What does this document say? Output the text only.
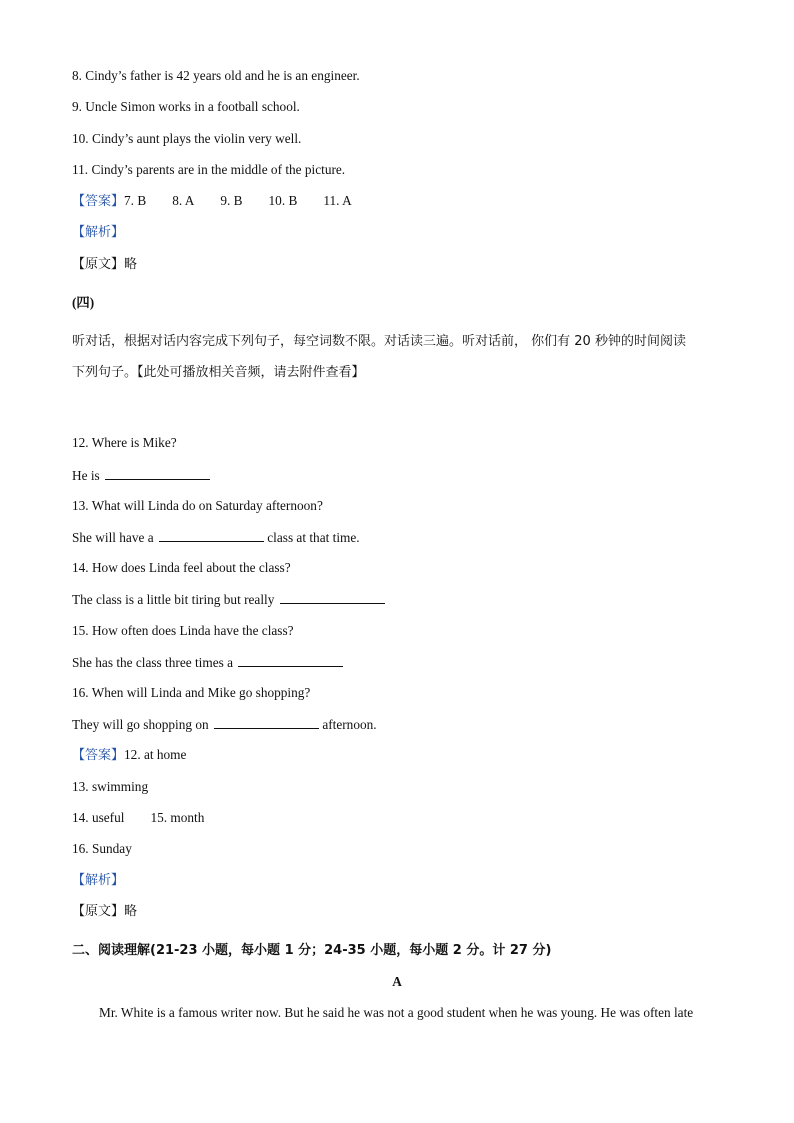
8. Cindy’s father is 42 years old and he is an engineer.
9. Uncle Simon works in a football school.
10. Cindy’s aunt plays the violin very well.
11. Cindy’s parents are in the middle of the picture.
【答案】7. B 8. A 9. B 10. B 11. A
【解析】
【原文】略
(四)
听对话，根据对话内容完成下列句子，每空词数不限。对话读三遍。听对话前， 你们有 20 秒钟的时间阅读
下列句子。【此处可播放相关音频，请去附件查看】
12. Where is Mike?
He is
13. What will Linda do on Saturday afternoon?
She will have a	class at that time.
14. How does Linda feel about the class?
The class is a little bit tiring but really
15. How often does Linda have the class?
She has the class three times a
16. When will Linda and Mike go shopping?
They will go shopping on	afternoon.
【答案】12. at home
13. swimming
14. useful 15. month
16. Sunday
【解析】
【原文】略
二、阅读理解(21-23 小题，每小题 1 分；24-35 小题，每小题 2 分。计 27 分)
A
Mr. White is a famous writer now. But he said he was not a good student when he was young. He was often late
